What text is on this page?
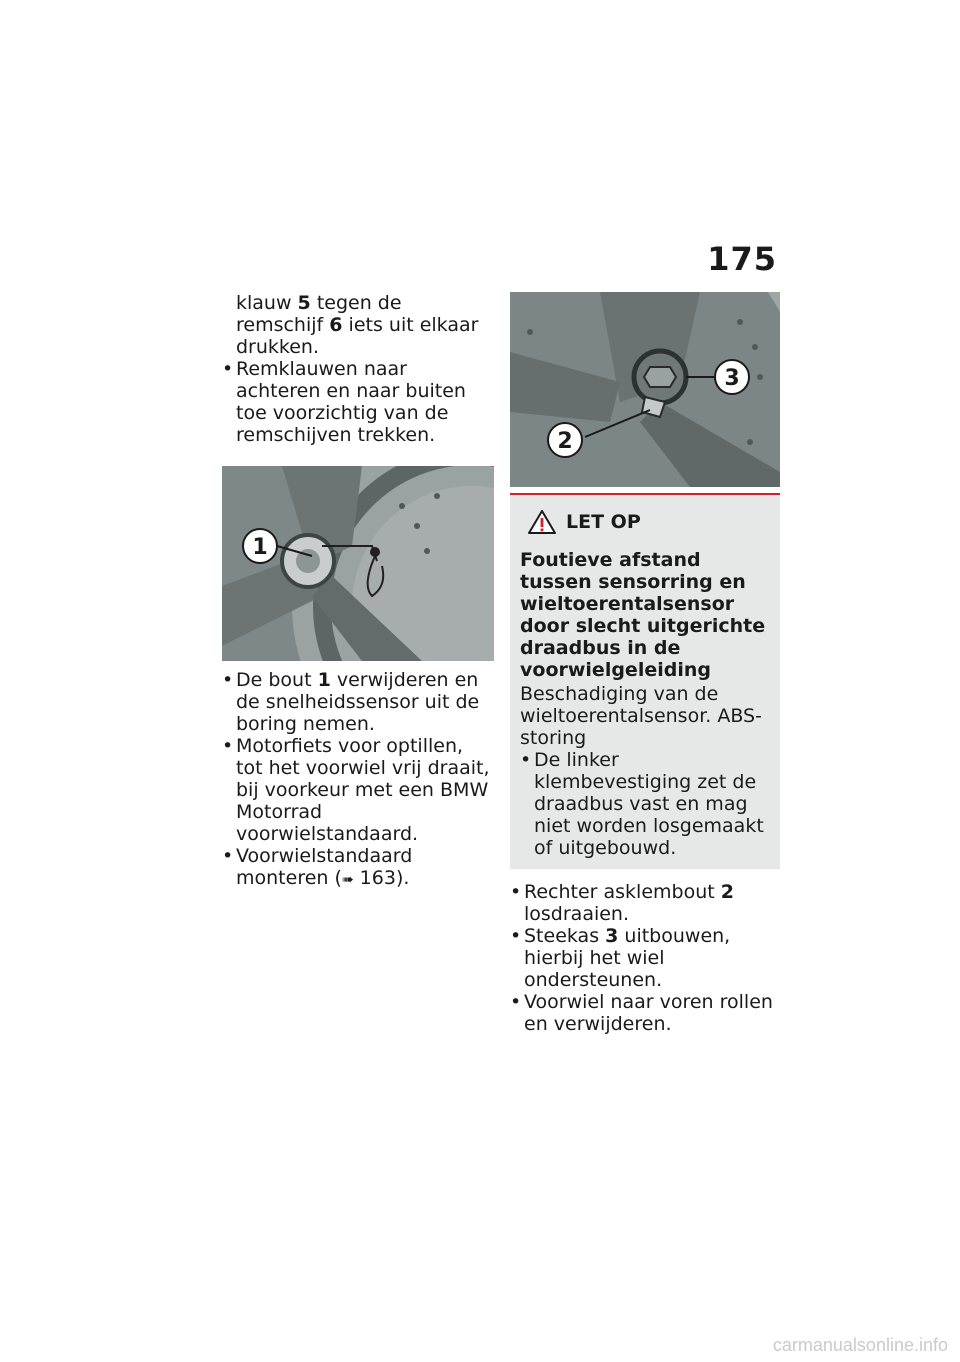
175

klauw 5 tegen de remschijf 6 iets uit elkaar drukken.

• Remklauwen naar achteren en naar buiten toe voorzichtig van de remschijven trekken.

1

• De bout 1 verwijderen en de snelheidssensor uit de boring nemen.

• Motorfiets voor optillen, tot het voorwiel vrij draait, bij voorkeur met een BMW Motorrad voorwielstandaard.

• Voorwielstandaard monteren (➠ 163).

3
2
LET OP

Foutieve afstand tussen sensorring en wieltoerentalsensor door slecht uitgerichte draadbus in de voorwielgeleiding

Beschadiging van de wieltoerentalsensor. ABS-storing

• De linker klembevestiging zet de draadbus vast en mag niet worden losgemaakt of uitgebouwd.

• Rechter asklembout 2 losdraaien.

• Steekas 3 uitbouwen, hierbij het wiel ondersteunen.

• Voorwiel naar voren rollen en verwijderen.

carmanualsonline.info
